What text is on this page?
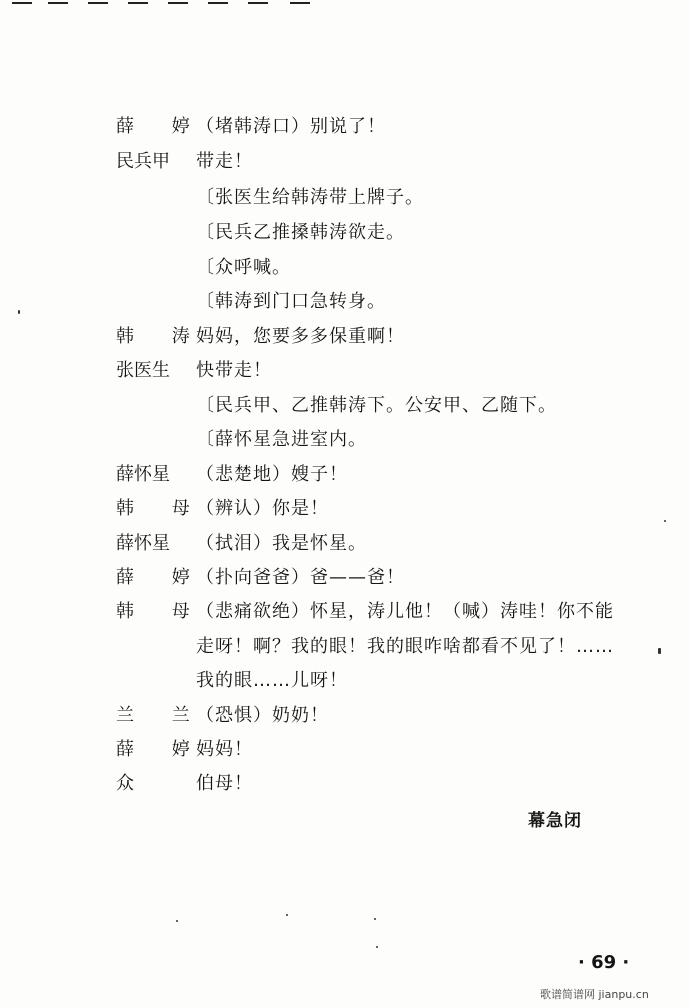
薛 婷
（堵韩涛口）别说了！
民兵甲 带走！
〔张医生给韩涛带上牌子。
〔民兵乙推搡韩涛欲走。
〔众呼喊。
〔韩涛到门口急转身。
韩 涛
妈妈，您要多多保重啊！
张医生 快带走！
〔民兵甲、乙推韩涛下。公安甲、乙随下。
〔薛怀星急进室内。
薛怀星 （悲楚地）嫂子！
韩 母
（辨认）你是！
薛怀星 （拭泪）我是怀星。
薛 婷
（扑向爸爸）爸——爸！
韩 母
（悲痛欲绝）怀星，涛儿他！（喊）涛哇！你不能
走呀！啊？我的眼！我的眼咋啥都看不见了！……
我的眼……儿呀！
兰 兰
（恐惧）奶奶！
薛 婷
妈妈！
众	伯母！
幕急闭
· 69 ·
歌谱简谱网 jianpu.cn
